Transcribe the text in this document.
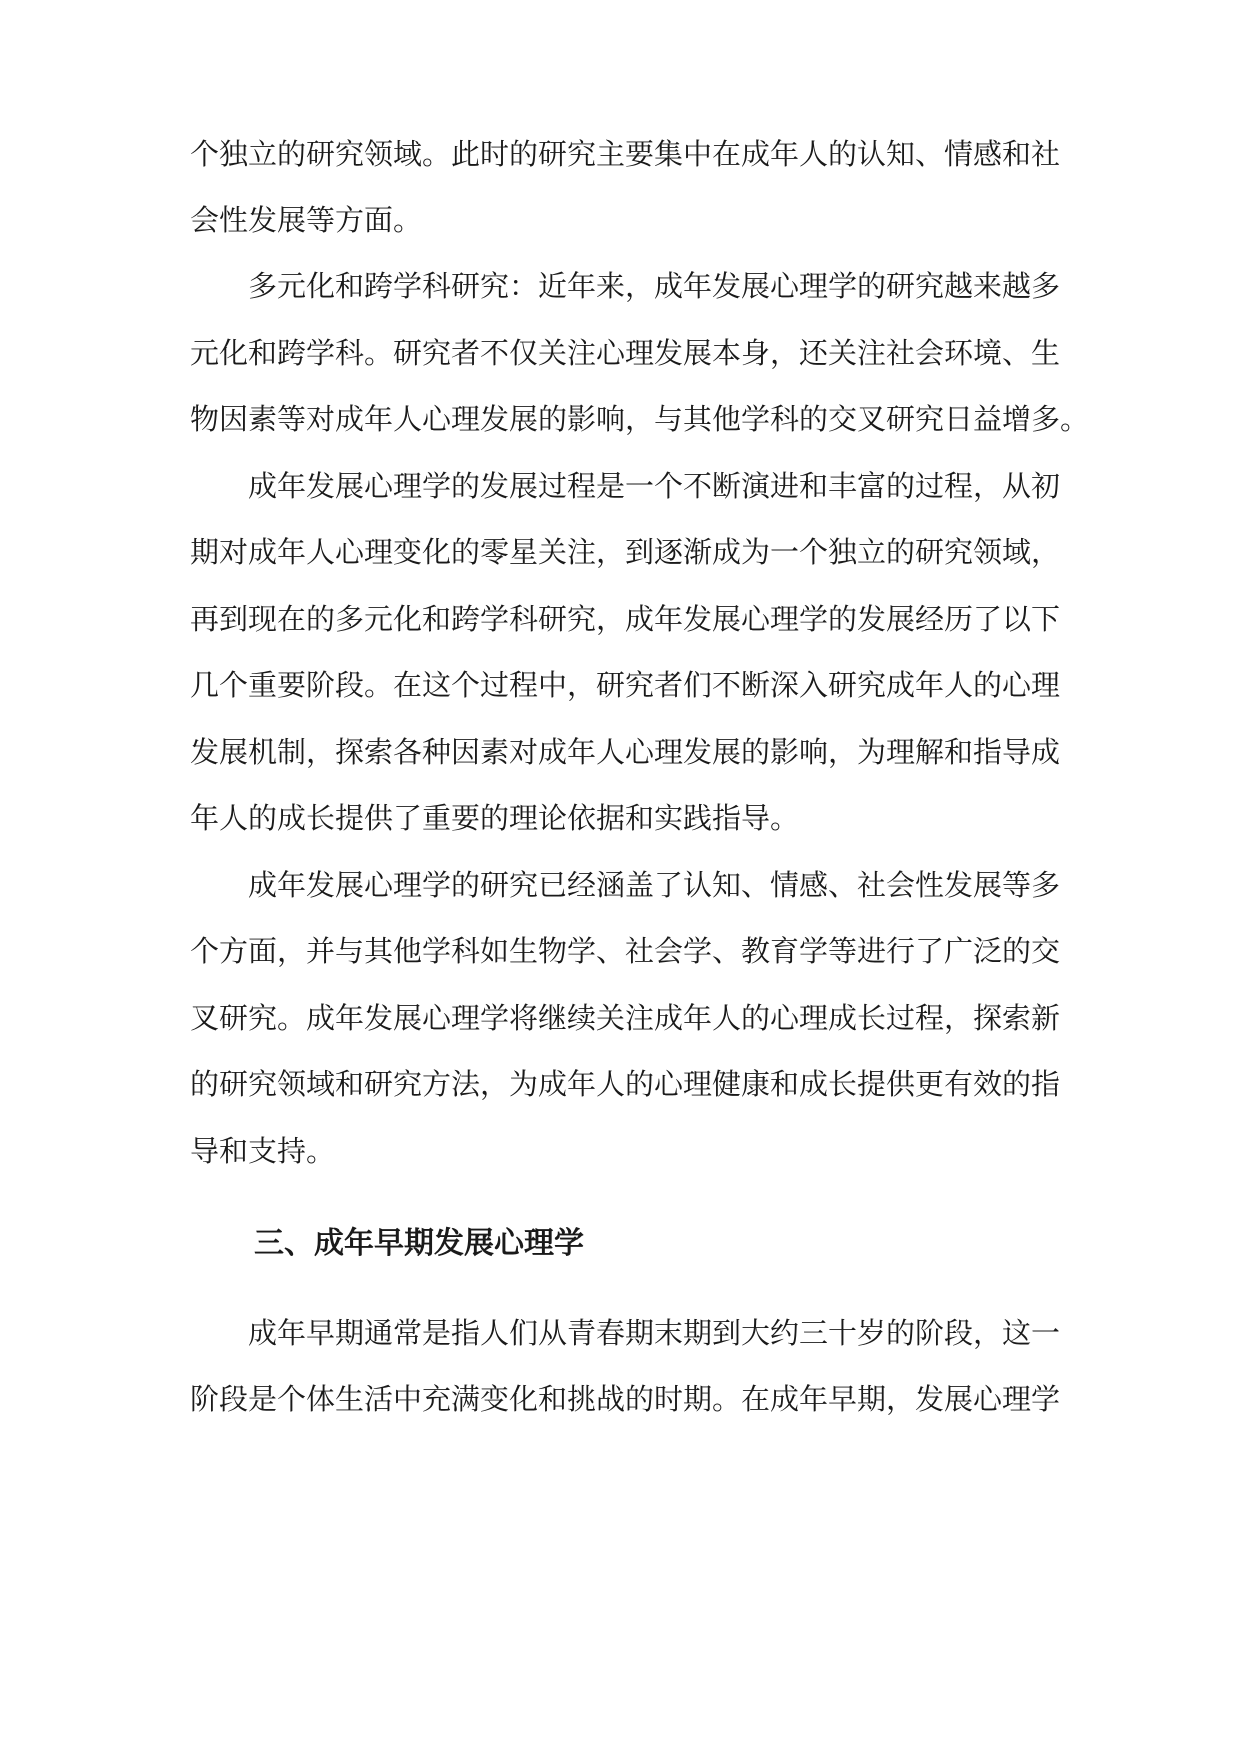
个独立的研究领域。此时的研究主要集中在成年人的认知、情感和社
会性发展等方面。
多元化和跨学科研究：近年来，成年发展心理学的研究越来越多
元化和跨学科。研究者不仅关注心理发展本身，还关注社会环境、生
物因素等对成年人心理发展的影响，与其他学科的交叉研究日益增多。
成年发展心理学的发展过程是一个不断演进和丰富的过程，从初
期对成年人心理变化的零星关注，到逐渐成为一个独立的研究领域，
再到现在的多元化和跨学科研究，成年发展心理学的发展经历了以下
几个重要阶段。在这个过程中，研究者们不断深入研究成年人的心理
发展机制，探索各种因素对成年人心理发展的影响，为理解和指导成
年人的成长提供了重要的理论依据和实践指导。
成年发展心理学的研究已经涵盖了认知、情感、社会性发展等多
个方面，并与其他学科如生物学、社会学、教育学等进行了广泛的交
叉研究。成年发展心理学将继续关注成年人的心理成长过程，探索新
的研究领域和研究方法，为成年人的心理健康和成长提供更有效的指
导和支持。
三、成年早期发展心理学
成年早期通常是指人们从青春期末期到大约三十岁的阶段，这一
阶段是个体生活中充满变化和挑战的时期。在成年早期，发展心理学
